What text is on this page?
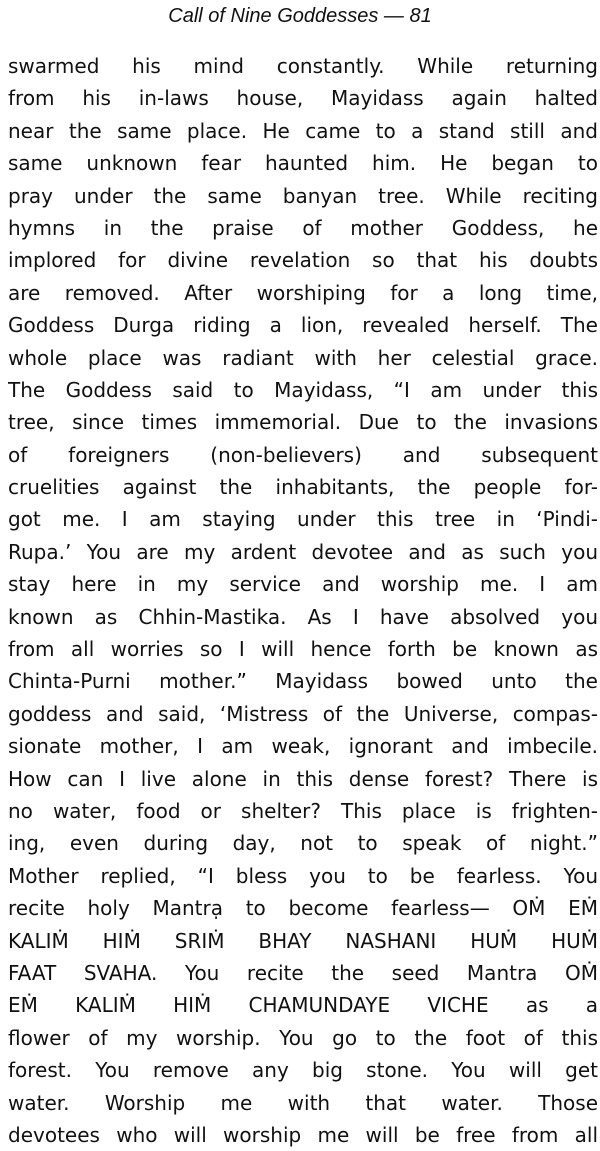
Call of Nine Goddesses — 81
swarmed his mind constantly. While returning
from his in-laws house, Mayidass again halted
near the same place. He came to a stand still and
same unknown fear haunted him. He began to
pray under the same banyan tree. While reciting
hymns in the praise of mother Goddess, he
implored for divine revelation so that his doubts
are removed. After worshiping for a long time,
Goddess Durga riding a lion, revealed herself. The
whole place was radiant with her celestial grace.
The Goddess said to Mayidass, “I am under this
tree, since times immemorial. Due to the invasions
of foreigners (non-believers) and subsequent
cruelities against the inhabitants, the people for-
got me. I am staying under this tree in ‘Pindi-
Rupa.’ You are my ardent devotee and as such you
stay here in my service and worship me. I am
known as Chhin-Mastika. As I have absolved you
from all worries so I will hence forth be known as
Chinta-Purni mother.” Mayidass bowed unto the
goddess and said, ‘Mistress of the Universe, compas-
sionate mother, I am weak, ignorant and imbecile.
How can I live alone in this dense forest? There is
no water, food or shelter? This place is frighten-
ing, even during day, not to speak of night.”
Mother replied, “I bless you to be fearless. You
recite holy Mantrạ to become fearless— OṀ EṀ
KALIṀ HIṀ SRIṀ BHAY NASHANI HUṀ HUṀ
FAAT SVAHA. You recite the seed Mantra OṀ
EṀ KALIṀ HIṀ CHAMUNDAYE VICHE as a
flower of my worship. You go to the foot of this
forest. You remove any big stone. You will get
water. Worship me with that water. Those
devotees who will worship me will be free from all
